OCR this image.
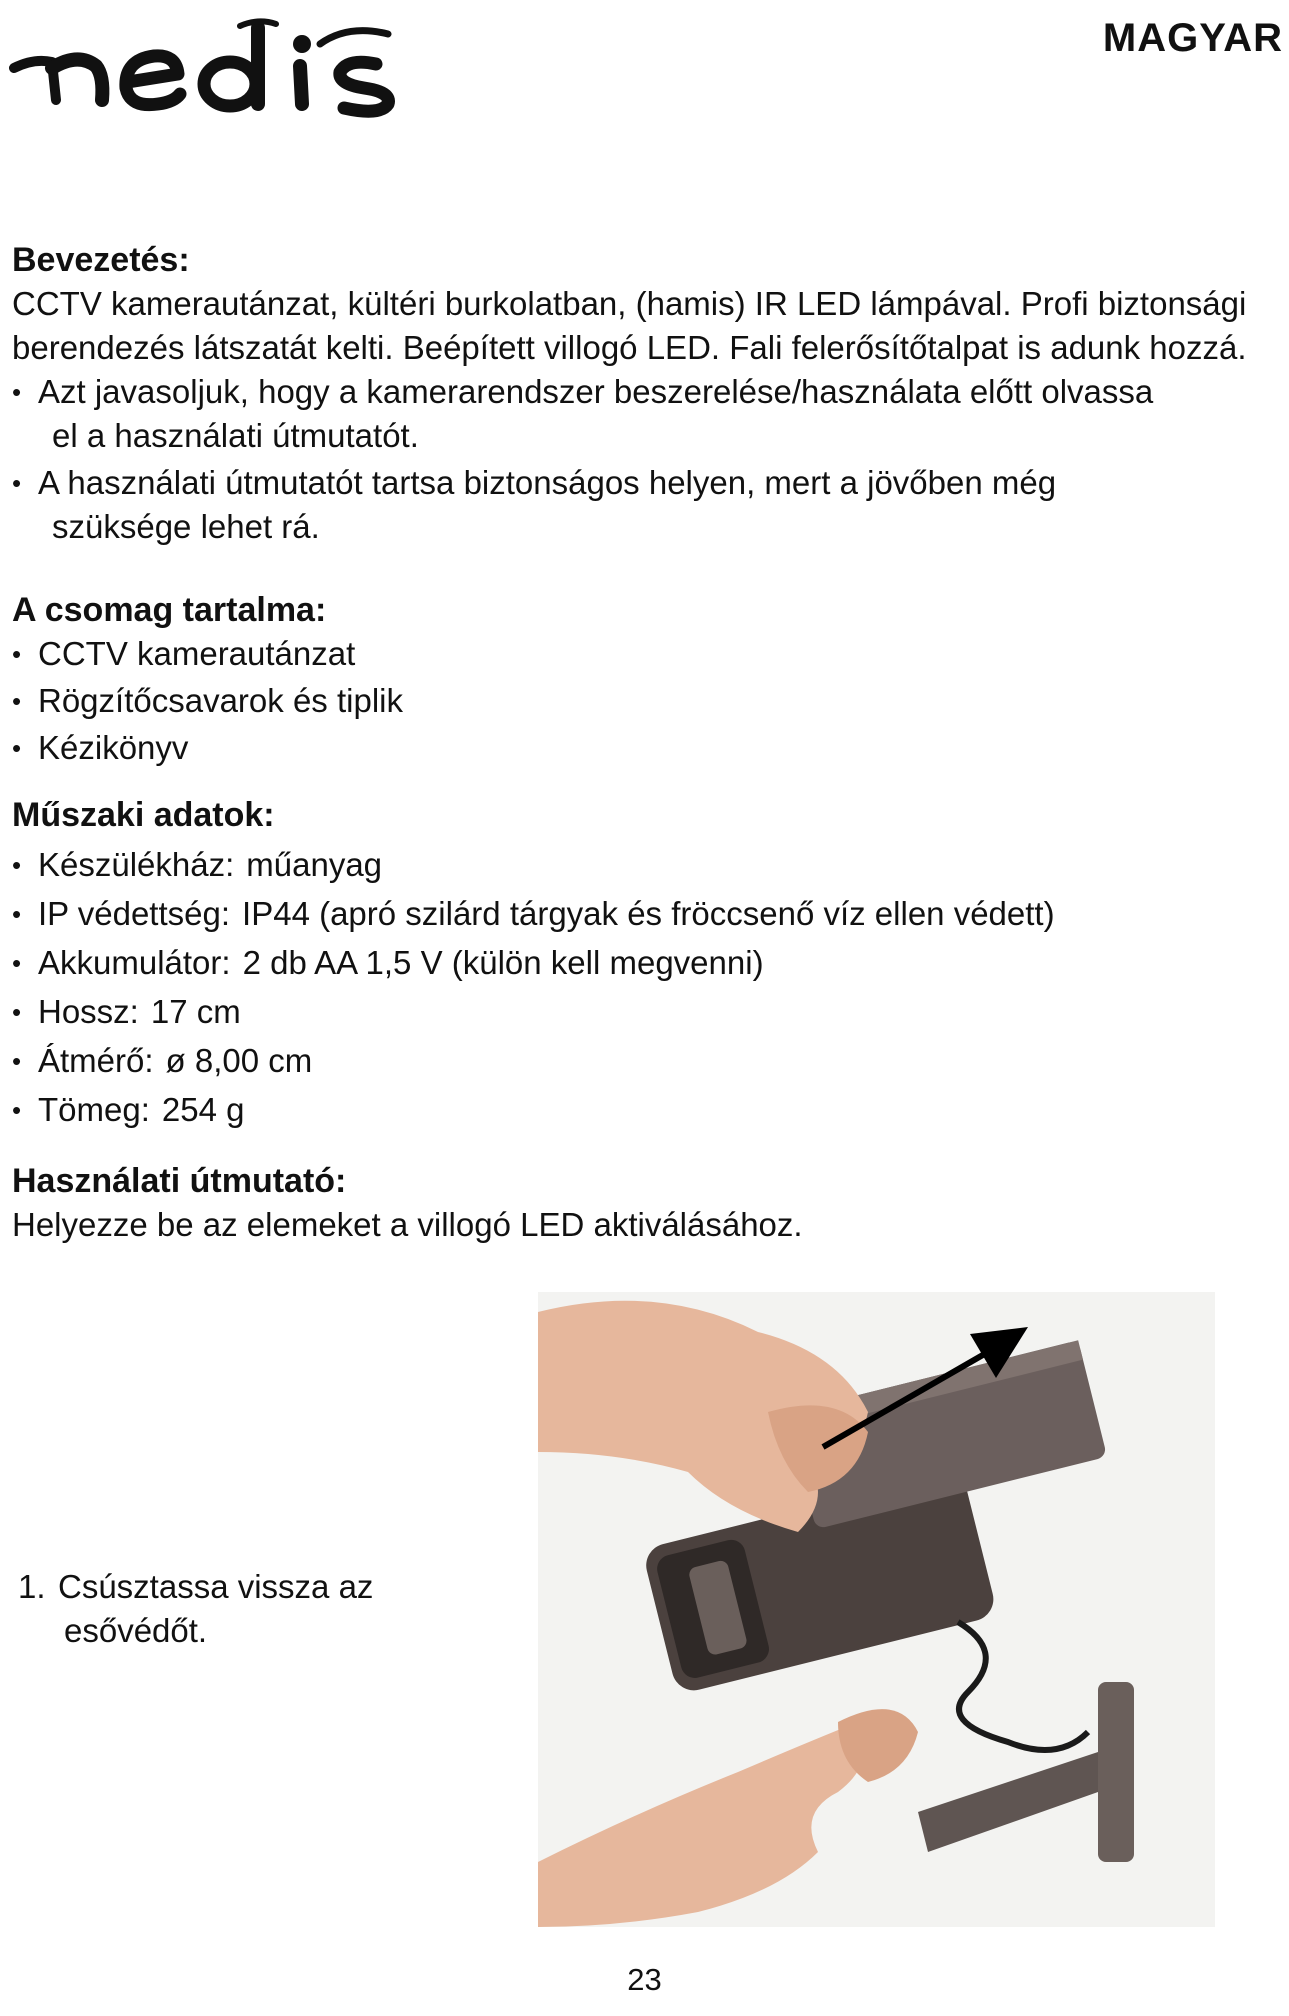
MAGYAR
Bevezetés:

CCTV kamerautánzat, kültéri burkolatban, (hamis) IR LED lámpával. Profi biztonsági berendezés látszatát kelti. Beépített villogó LED. Fali felerősítőtalpat is adunk hozzá.

• Azt javasoljuk, hogy a kamerarendszer beszerelése/használata előtt olvassa
el a használati útmutatót.
• A használati útmutatót tartsa biztonságos helyen, mert a jövőben még
szüksége lehet rá.
A csomag tartalma:
• CCTV kamerautánzat
• Rögzítőcsavarok és tiplik
• Kézikönyv
Műszaki adatok:
• Készülékház: műanyag
• IP védettség: IP44 (apró szilárd tárgyak és fröccsenő víz ellen védett)
• Akkumulátor: 2 db AA 1,5 V (külön kell megvenni)
• Hossz: 17 cm
• Átmérő: ø 8,00 cm
• Tömeg: 254 g
Használati útmutató:

Helyezze be az elemeket a villogó LED aktiválásához.

1. Csúsztassa vissza az
esővédőt.
23
